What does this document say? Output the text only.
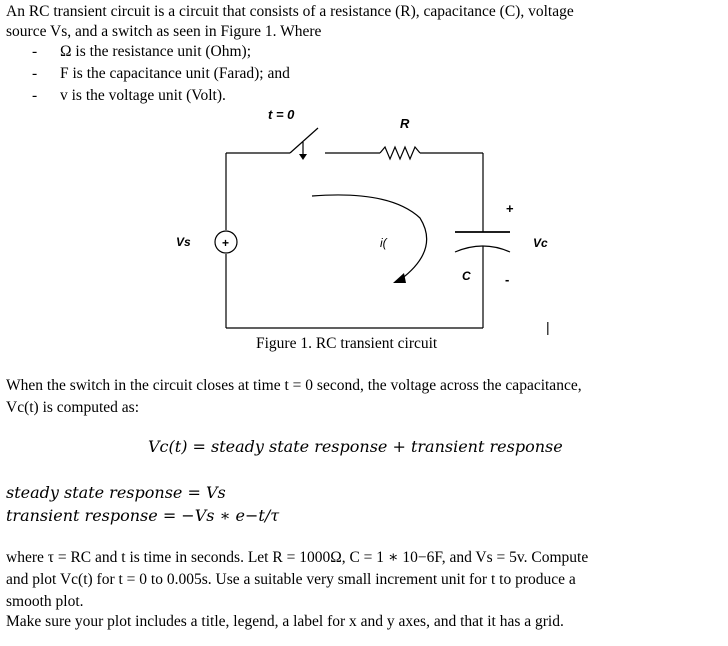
An RC transient circuit is a circuit that consists of a resistance (R), capacitance (C), voltage
source Vs, and a switch as seen in Figure 1. Where
- Ω is the resistance unit (Ohm);
- F is the capacitance unit (Farad); and
- v is the voltage unit (Volt).
t = 0
R
+
Vs
+
i(
C	-
Vc
|
Figure 1. RC transient circuit
When the switch in the circuit closes at time t = 0 second, the voltage across the capacitance,
Vc(t) is computed as:
Vc(t) = steady state response + transient response
steady state response = Vs
transient response = −Vs ∗ e−t/τ
where τ = RC and t is time in seconds. Let R = 1000Ω, C = 1 ∗ 10−6F, and Vs = 5v. Compute
and plot Vc(t) for t = 0 to 0.005s. Use a suitable very small increment unit for t to produce a
smooth plot.
Make sure your plot includes a title, legend, a label for x and y axes, and that it has a grid.
